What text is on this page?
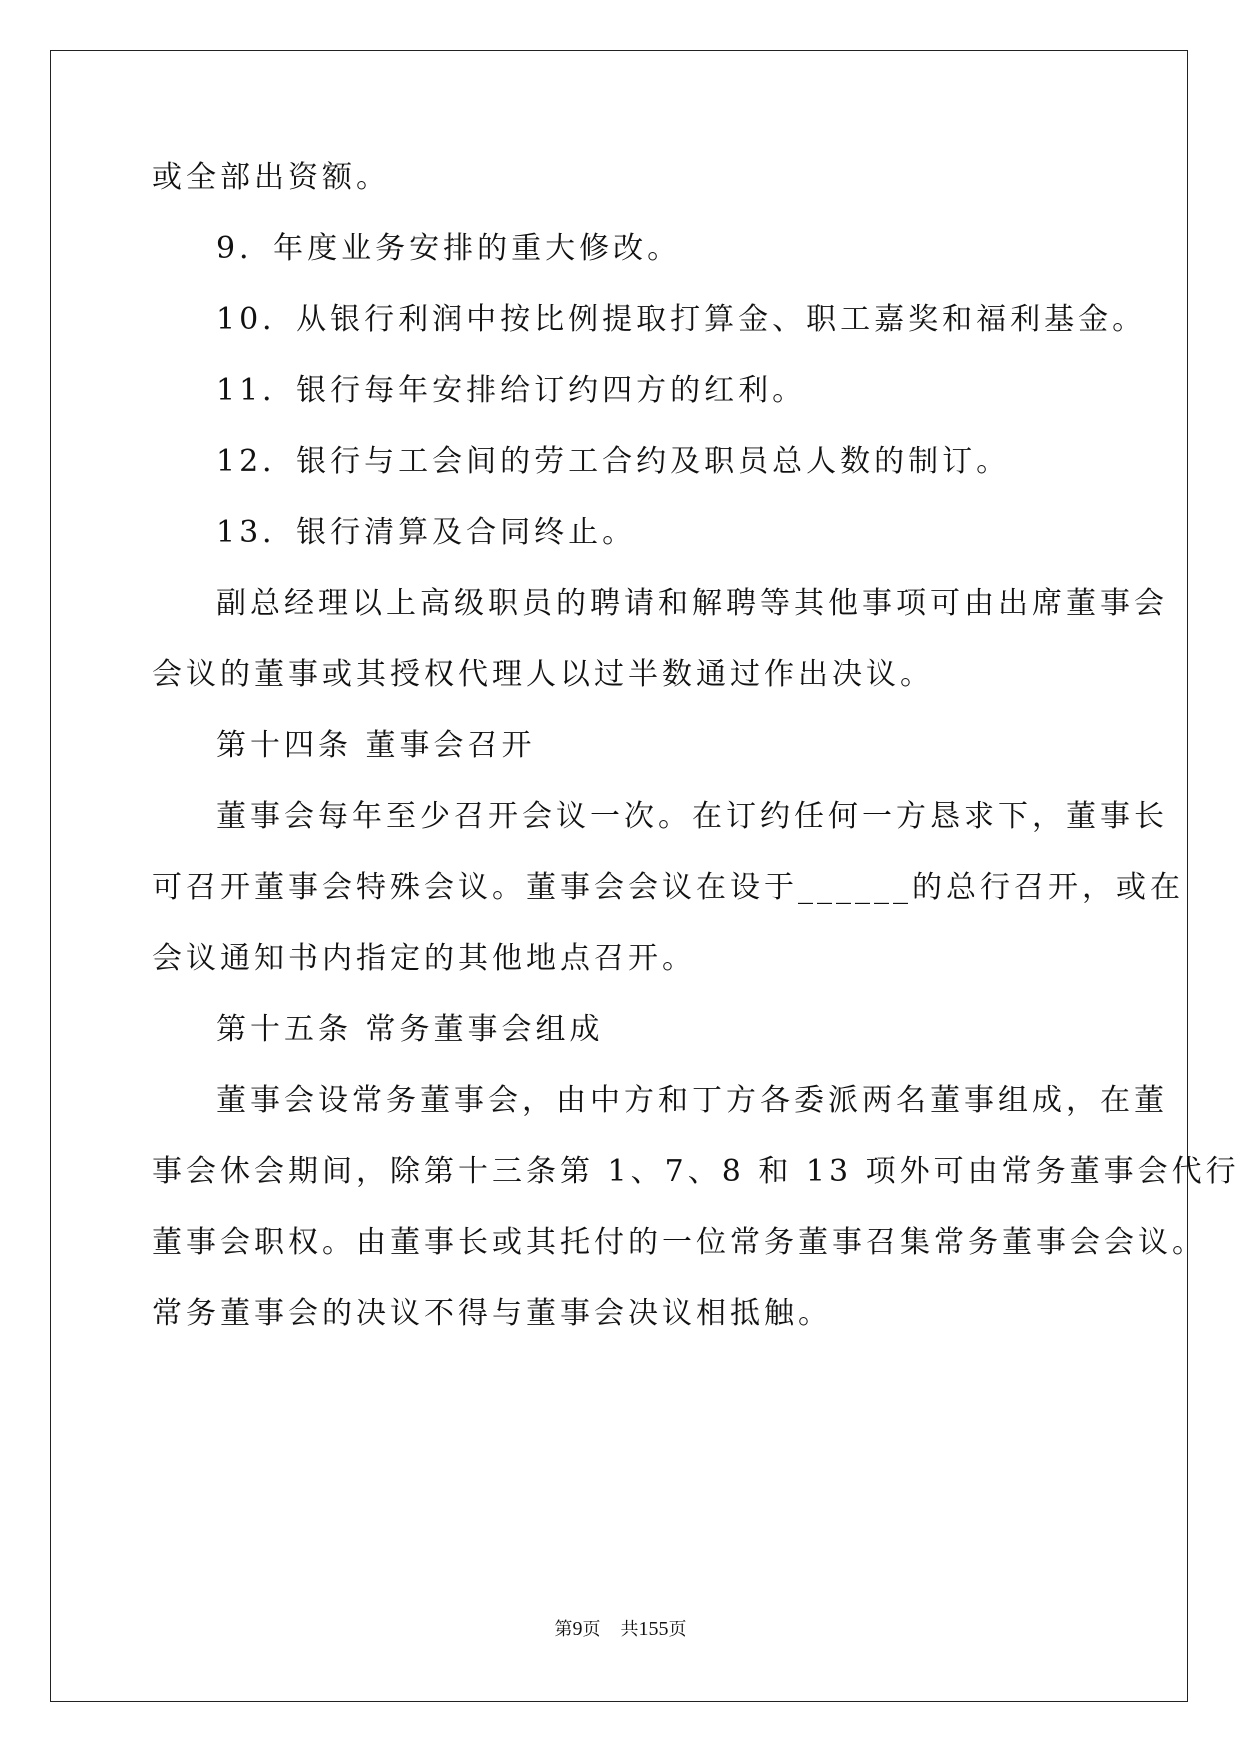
或全部出资额。
9．年度业务安排的重大修改。
10．从银行利润中按比例提取打算金、职工嘉奖和福利基金。
11．银行每年安排给订约四方的红利。
12．银行与工会间的劳工合约及职员总人数的制订。
13．银行清算及合同终止。
副总经理以上高级职员的聘请和解聘等其他事项可由出席董事会
会议的董事或其授权代理人以过半数通过作出决议。
第十四条 董事会召开
董事会每年至少召开会议一次。在订约任何一方恳求下，董事长
可召开董事会特殊会议。董事会会议在设于______的总行召开，或在
会议通知书内指定的其他地点召开。
第十五条 常务董事会组成
董事会设常务董事会，由中方和丁方各委派两名董事组成，在董
事会休会期间，除第十三条第 1、7、8 和 13 项外可由常务董事会代行
董事会职权。由董事长或其托付的一位常务董事召集常务董事会会议。
常务董事会的决议不得与董事会决议相抵触。
第9页 共155页
